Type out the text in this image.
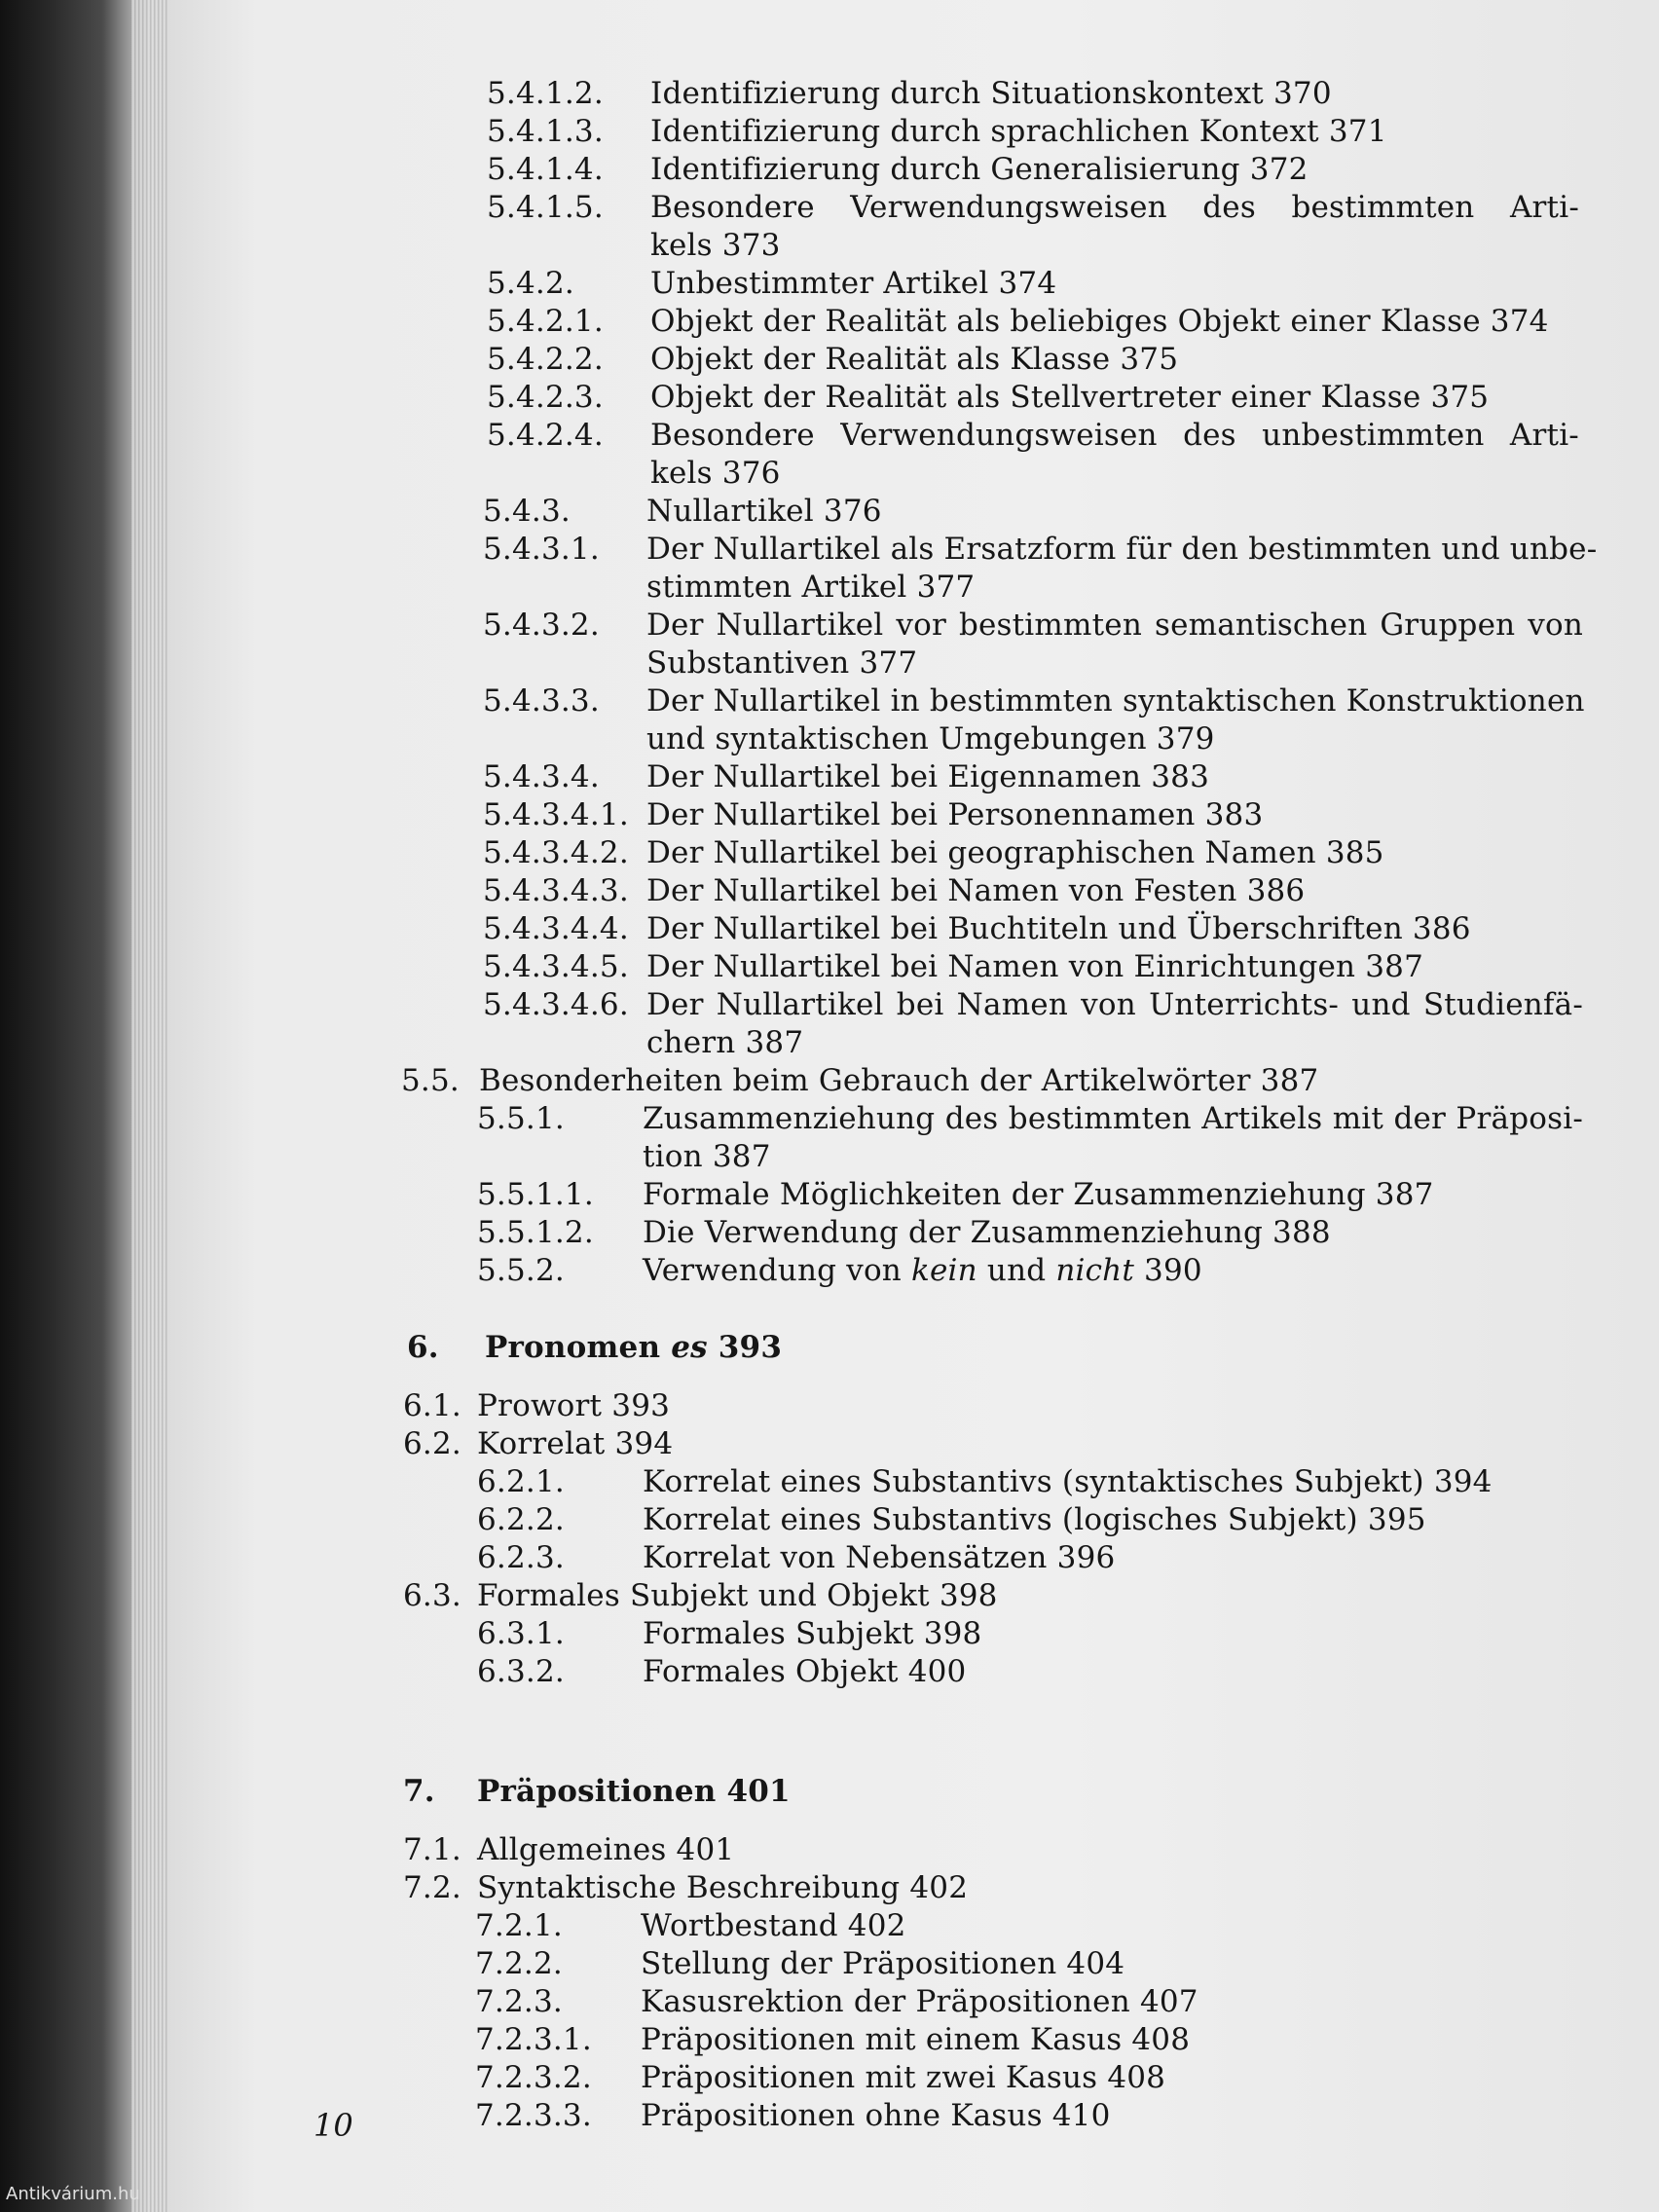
5.4.1.2. Identifizierung durch Situationskontext 370
5.4.1.3. Identifizierung durch sprachlichen Kontext 371
5.4.1.4. Identifizierung durch Generalisierung 372
5.4.1.5. Besondere Verwendungsweisen des bestimmten Arti-
kels 373
5.4.2.	Unbestimmter Artikel 374
5.4.2.1. Objekt der Realität als beliebiges Objekt einer Klasse 374
5.4.2.2. Objekt der Realität als Klasse 375
5.4.2.3. Objekt der Realität als Stellvertreter einer Klasse 375
5.4.2.4. Besondere Verwendungsweisen des unbestimmten Arti-
kels 376
5.4.3.	Nullartikel 376
5.4.3.1. Der Nullartikel als Ersatzform für den bestimmten und unbe-
stimmten Artikel 377
5.4.3.2. Der Nullartikel vor bestimmten semantischen Gruppen von
Substantiven 377
5.4.3.3. Der Nullartikel in bestimmten syntaktischen Konstruktionen
und syntaktischen Umgebungen 379
5.4.3.4. Der Nullartikel bei Eigennamen 383
5.4.3.4.1. Der Nullartikel bei Personennamen 383
5.4.3.4.2. Der Nullartikel bei geographischen Namen 385
5.4.3.4.3. Der Nullartikel bei Namen von Festen 386
5.4.3.4.4. Der Nullartikel bei Buchtiteln und Überschriften 386
5.4.3.4.5. Der Nullartikel bei Namen von Einrichtungen 387
5.4.3.4.6. Der Nullartikel bei Namen von Unterrichts- und Studienfä-
chern 387
5.5. Besonderheiten beim Gebrauch der Artikelwörter 387
5.5.1.	Zusammenziehung des bestimmten Artikels mit der Präposi-
tion 387
5.5.1.1. Formale Möglichkeiten der Zusammenziehung 387
5.5.1.2. Die Verwendung der Zusammenziehung 388
5.5.2.	Verwendung von kein und nicht 390
6. Pronomen es 393
6.1. Prowort 393
6.2. Korrelat 394
6.2.1.	Korrelat eines Substantivs (syntaktisches Subjekt) 394
6.2.2.	Korrelat eines Substantivs (logisches Subjekt) 395
6.2.3.	Korrelat von Nebensätzen 396
6.3. Formales Subjekt und Objekt 398
6.3.1.	Formales Subjekt 398
6.3.2.	Formales Objekt 400
7. Präpositionen 401
7.1. Allgemeines 401
7.2. Syntaktische Beschreibung 402
7.2.1.	Wortbestand 402
7.2.2.	Stellung der Präpositionen 404
7.2.3.	Kasusrektion der Präpositionen 407
7.2.3.1. Präpositionen mit einem Kasus 408
7.2.3.2. Präpositionen mit zwei Kasus 408
7.2.3.3. Präpositionen ohne Kasus 410
10
Antikvárium.hu
